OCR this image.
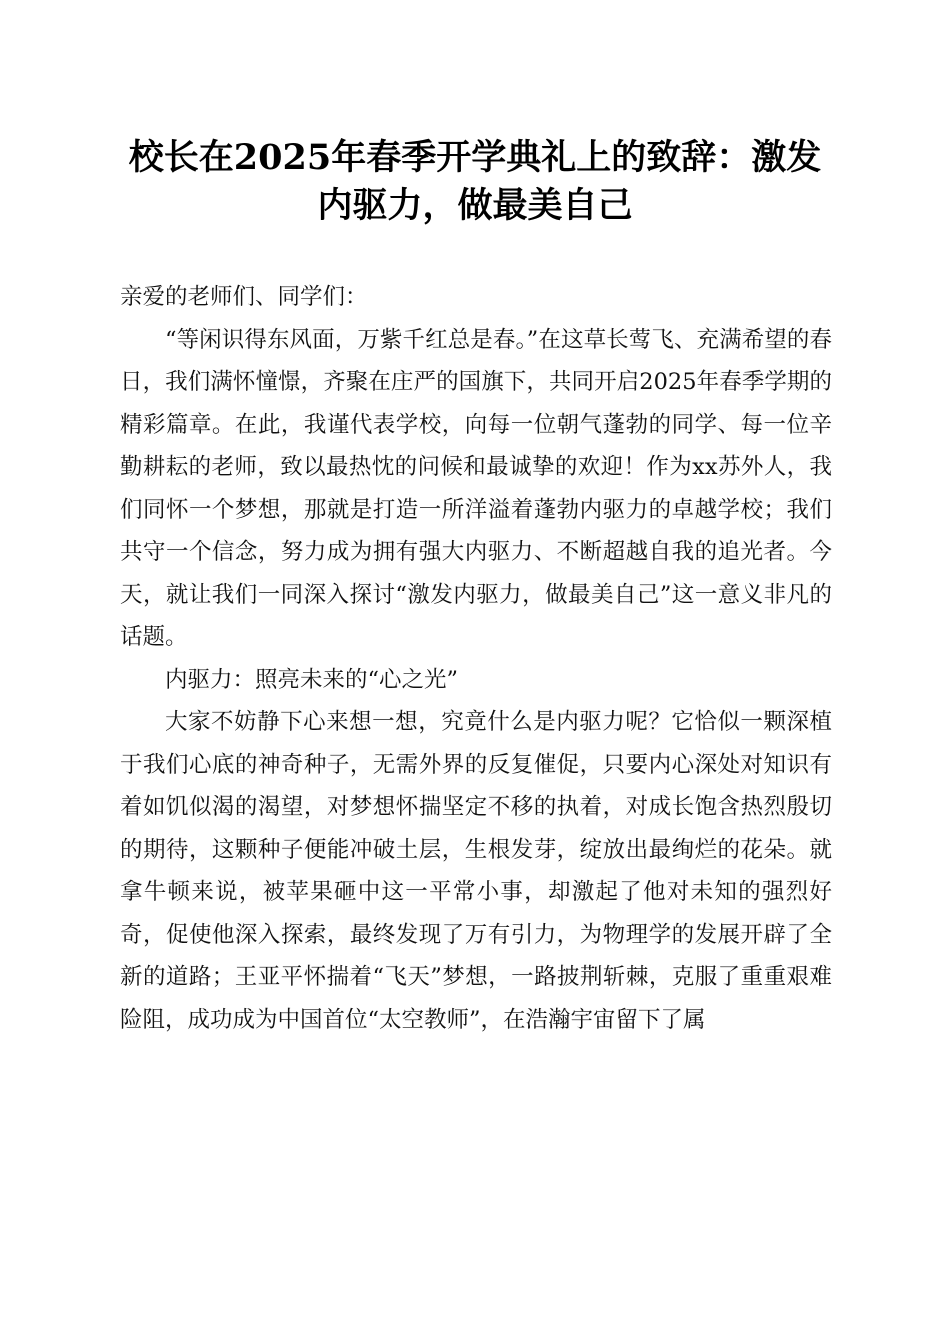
校长在2025年春季开学典礼上的致辞：激发
内驱力，做最美自己

亲爱的老师们、同学们：

“等闲识得东风面，万紫千红总是春。”在这草长莺飞、充满希望的春日，我们满怀憧憬，齐聚在庄严的国旗下，共同开启2025年春季学期的精彩篇章。在此，我谨代表学校，向每一位朝气蓬勃的同学、每一位辛勤耕耘的老师，致以最热忱的问候和最诚挚的欢迎！作为xx苏外人，我们同怀一个梦想，那就是打造一所洋溢着蓬勃内驱力的卓越学校；我们共守一个信念，努力成为拥有强大内驱力、不断超越自我的追光者。今天，就让我们一同深入探讨“激发内驱力，做最美自己”这一意义非凡的话题。

内驱力：照亮未来的“心之光”

大家不妨静下心来想一想，究竟什么是内驱力呢？它恰似一颗深植于我们心底的神奇种子，无需外界的反复催促，只要内心深处对知识有着如饥似渴的渴望，对梦想怀揣坚定不移的执着，对成长饱含热烈殷切的期待，这颗种子便能冲破土层，生根发芽，绽放出最绚烂的花朵。就拿牛顿来说，被苹果砸中这一平常小事，却激起了他对未知的强烈好奇，促使他深入探索，最终发现了万有引力，为物理学的发展开辟了全新的道路；王亚平怀揣着“飞天”梦想，一路披荆斩棘，克服了重重艰难险阻，成功成为中国首位“太空教师”，在浩瀚宇宙留下了属
